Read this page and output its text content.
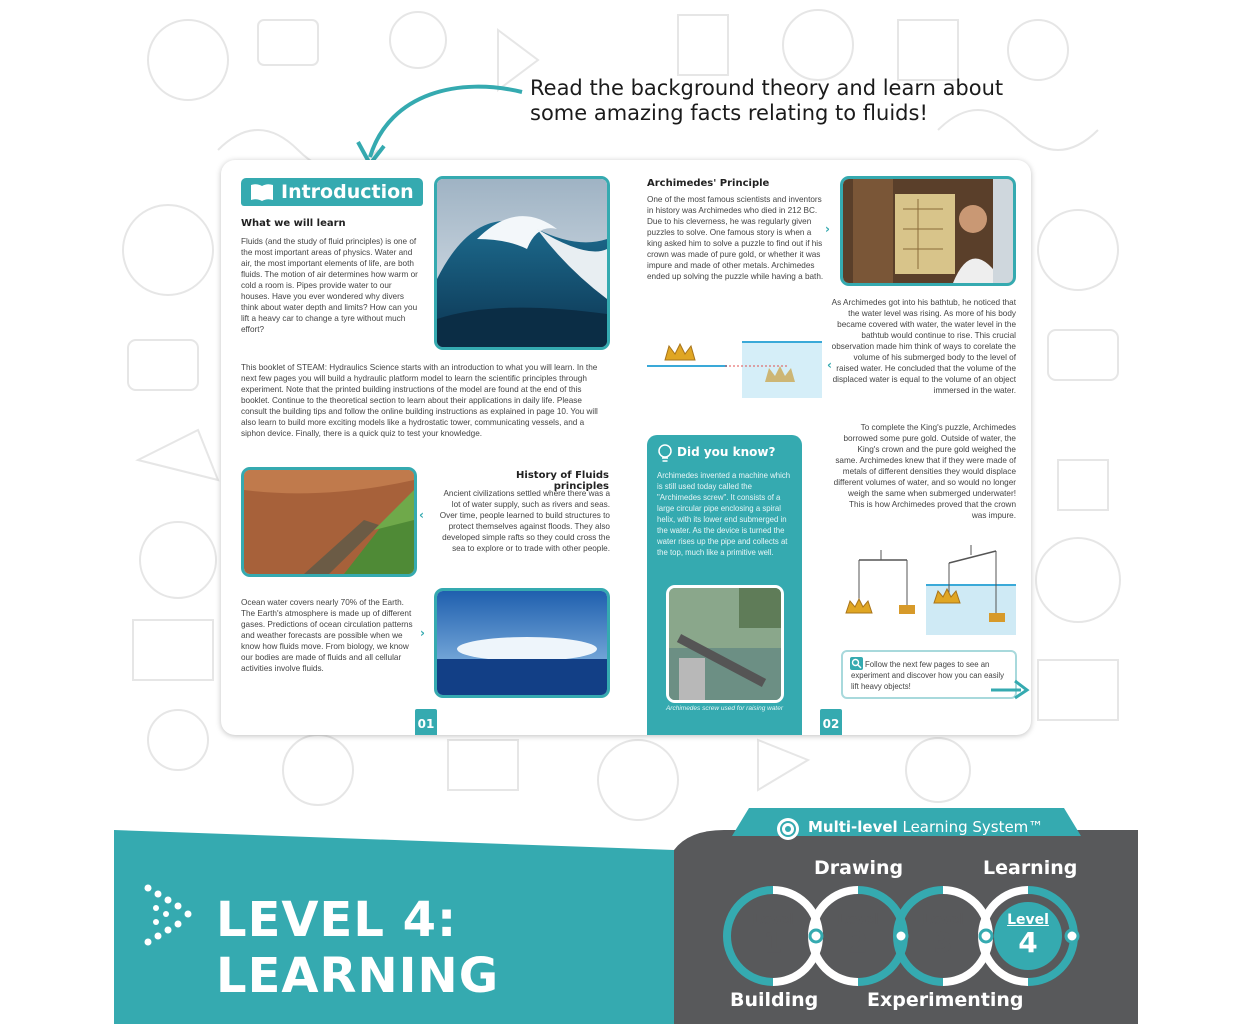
Read the background theory and learn about some amazing facts relating to fluids!
Introduction
What we will learn
Fluids (and the study of fluid principles) is one of the most important areas of physics. Water and air, the most important elements of life, are both fluids. The motion of air determines how warm or cold a room is. Pipes provide water to our houses. Have you ever wondered why divers think about water depth and limits? How can you lift a heavy car to change a tyre without much effort?
This booklet of STEAM: Hydraulics Science starts with an introduction to what you will learn. In the next few pages you will build a hydraulic platform model to learn the scientific principles through experiment. Note that the printed building instructions of the model are found at the end of this booklet. Continue to the theoretical section to learn about their applications in daily life. Please consult the building tips and follow the online building instructions as explained in page 10. You will also learn to build more exciting models like a hydrostatic tower, communicating vessels, and a siphon device. Finally, there is a quick quiz to test your knowledge.
‹
History of Fluids principles
Ancient civilizations settled where there was a lot of water supply, such as rivers and seas. Over time, people learned to build structures to protect themselves against floods. They also developed simple rafts so they could cross the sea to explore or to trade with other people.
Ocean water covers nearly 70% of the Earth. The Earth's atmosphere is made up of different gases. Predictions of ocean circulation patterns and weather forecasts are possible when we know how fluids move. From biology, we know our bodies are made of fluids and all cellular activities involve fluids.
›
01
Archimedes' Principle
One of the most famous scientists and inventors in history was Archimedes who died in 212 BC. Due to his cleverness, he was regularly given puzzles to solve. One famous story is when a king asked him to solve a puzzle to find out if his crown was made of pure gold, or whether it was impure and made of other metals. Archimedes ended up solving the puzzle while having a bath.
›
As Archimedes got into his bathtub, he noticed that the water level was rising. As more of his body became covered with water, the water level in the bathtub would continue to rise. This crucial observation made him think of ways to corelate the volume of his submerged body to the level of raised water. He concluded that the volume of the displaced water is equal to the volume of an object immersed in the water.
‹
To complete the King's puzzle, Archimedes borrowed some pure gold. Outside of water, the King's crown and the pure gold weighed the same. Archimedes knew that if they were made of metals of different densities they would displace different volumes of water, and so would no longer weigh the same when submerged underwater! This is how Archimedes proved that the crown was impure.
Did you know?
Archimedes invented a machine which is still used today called the "Archimedes screw". It consists of a large circular pipe enclosing a spiral helix, with its lower end submerged in the water. As the device is turned the water rises up the pipe and collects at the top, much like a primitive well.
Archimedes screw used for raising water
Follow the next few pages to see an experiment and discover how you can easily lift heavy objects!
02
LEVEL 4:
LEARNING
Multi-level Learning System™
Drawing	Learning
Building	Experimenting
Level
1
Level
2
Level
3
Level
4
